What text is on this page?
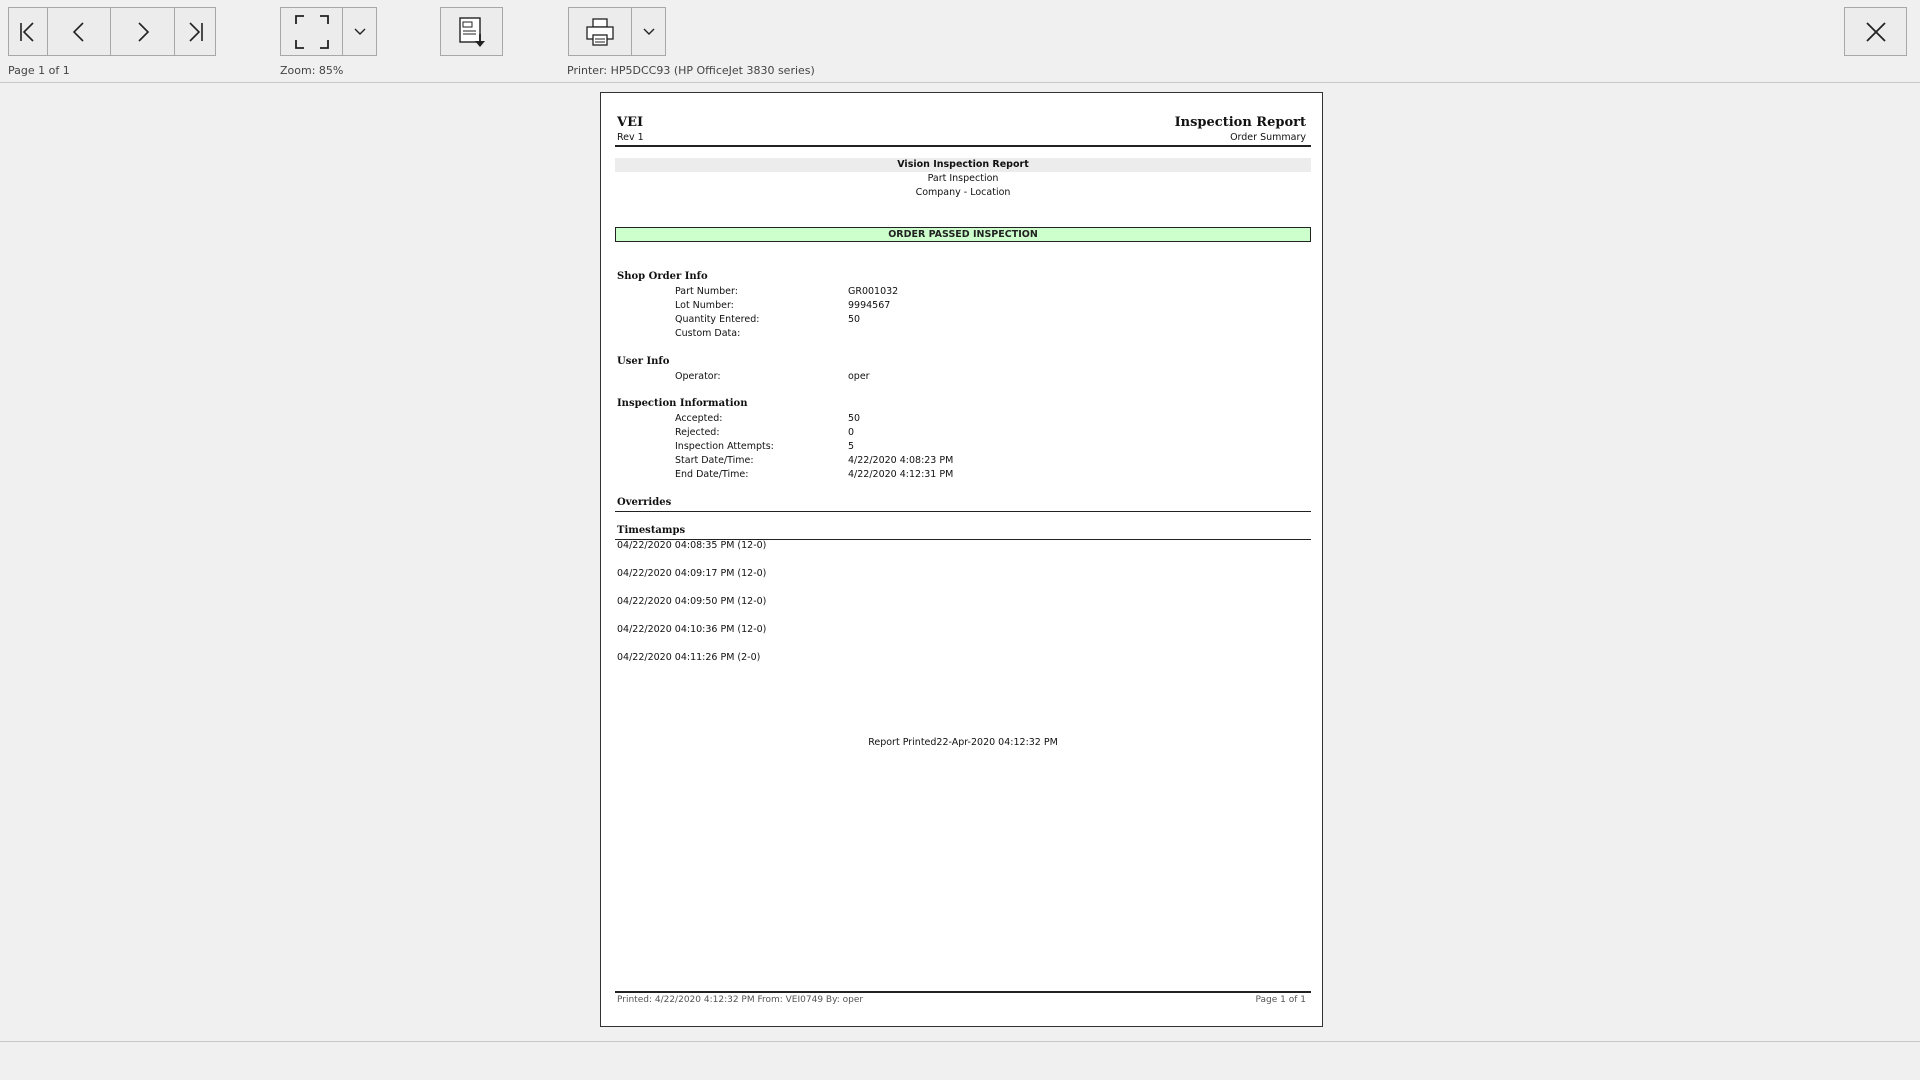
Page 1 of 1	Zoom: 85%	Printer: HP5DCC93 (HP OfficeJet 3830 series)
VEI
Rev 1
Inspection Report
Order Summary
Vision Inspection Report
Part Inspection
Company - Location
ORDER PASSED INSPECTION
Shop Order Info
Part Number:	GR001032
Lot Number:	9994567
Quantity Entered:	50
Custom Data:
User Info
Operator:	oper
Inspection Information
Accepted:	50
Rejected:	0
Inspection Attempts:	5
Start Date/Time:	4/22/2020 4:08:23 PM
End Date/Time:	4/22/2020 4:12:31 PM
Overrides
Timestamps
04/22/2020 04:08:35 PM (12-0)
04/22/2020 04:09:17 PM (12-0)
04/22/2020 04:09:50 PM (12-0)
04/22/2020 04:10:36 PM (12-0)
04/22/2020 04:11:26 PM (2-0)
Report Printed22-Apr-2020 04:12:32 PM
Printed: 4/22/2020 4:12:32 PM From: VEI0749 By: oper	Page 1 of 1
